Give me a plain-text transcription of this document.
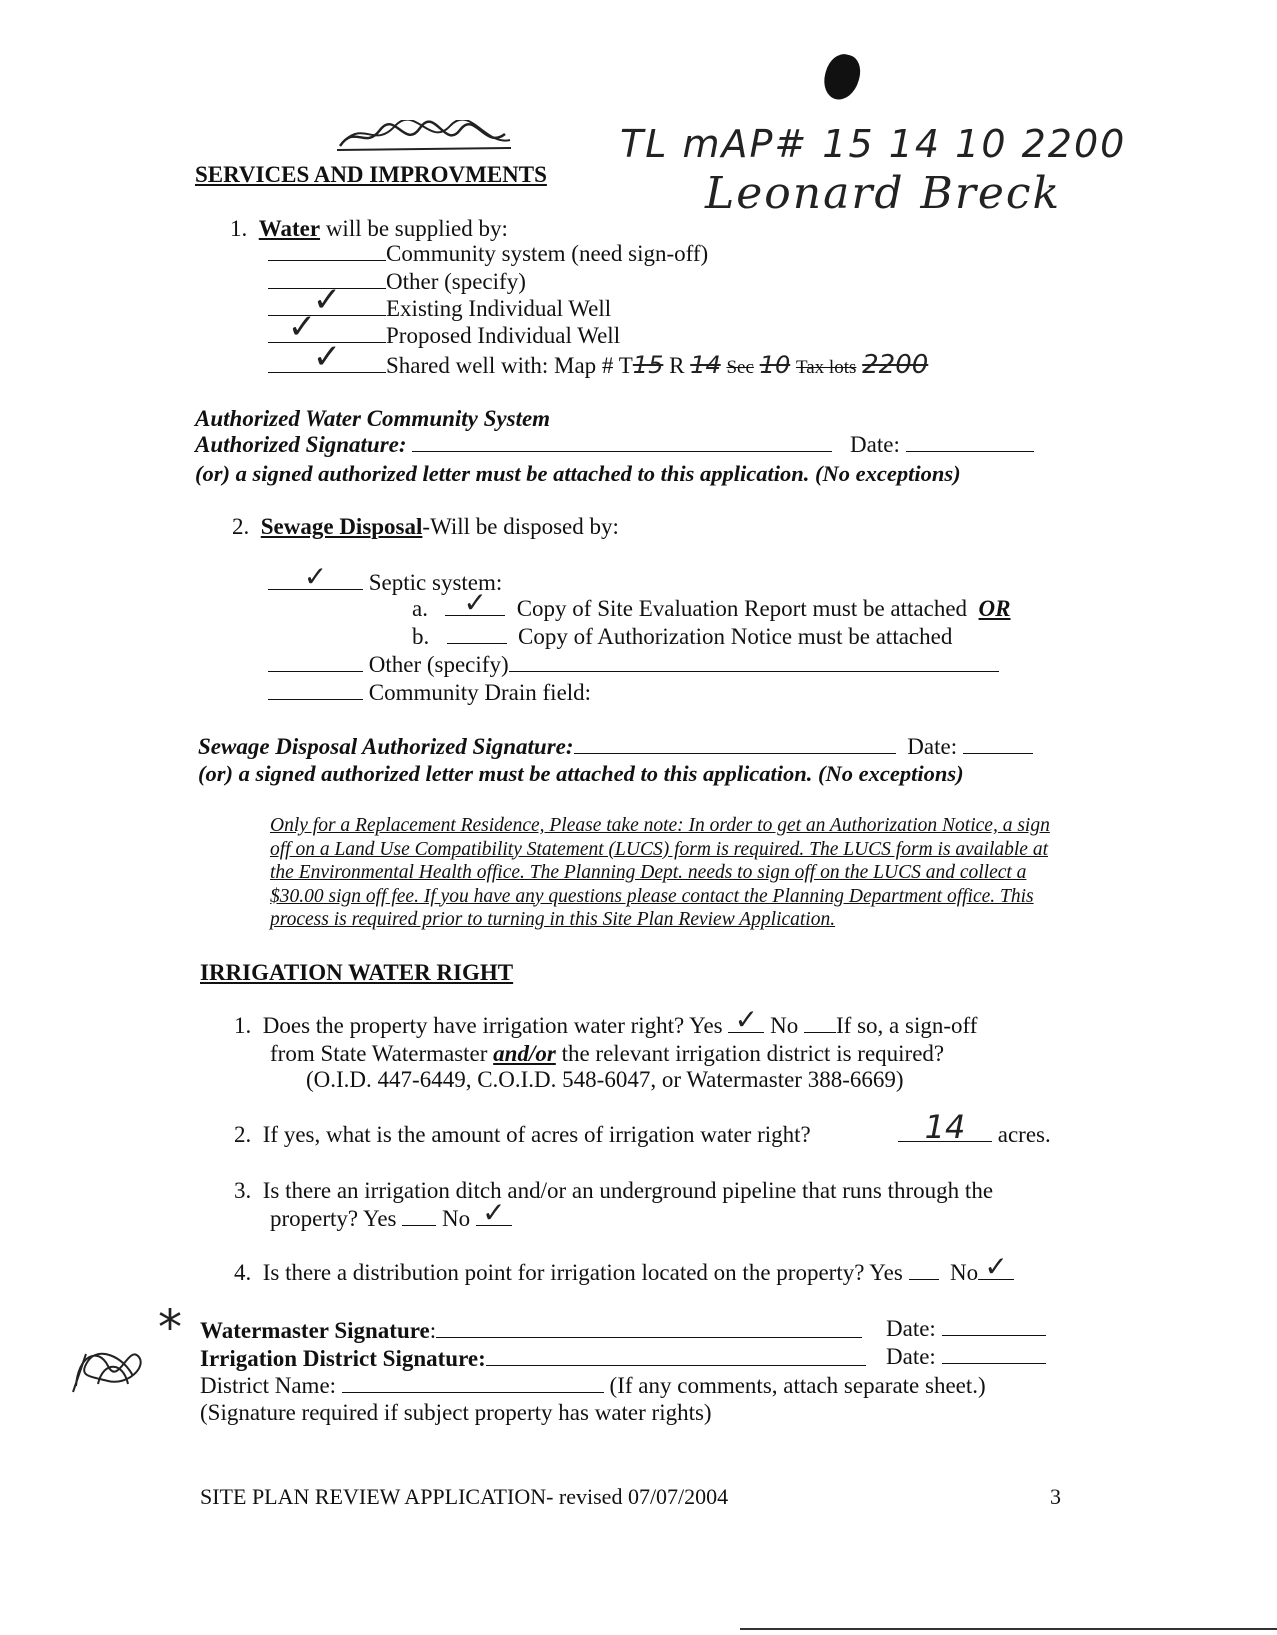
TL mAP# 15 14 10 2200
Leonard Breck
SERVICES AND IMPROVMENTS
1. Water will be supplied by:
Community system (need sign-off)
Other (specify)
✓	Existing Individual Well
✓	Proposed Individual Well
✓	Shared well with: Map # T15 R 14 Sec 10 Tax lots 2200
Authorized Water Community System
Authorized Signature:	Date:
(or) a signed authorized letter must be attached to this application. (No exceptions)
2. Sewage Disposal-Will be disposed by:
✓	Septic system:
a.	✓	Copy of Site Evaluation Report must be attached OR
b.	Copy of Authorization Notice must be attached
Other (specify)
Community Drain field:
Sewage Disposal Authorized Signature:	Date:
(or) a signed authorized letter must be attached to this application. (No exceptions)
Only for a Replacement Residence, Please take note: In order to get an Authorization Notice, a sign off on a Land Use Compatibility Statement (LUCS) form is required. The LUCS form is available at the Environmental Health office. The Planning Dept. needs to sign off on the LUCS and collect a $30.00 sign off fee. If you have any questions please contact the Planning Department office. This process is required prior to turning in this Site Plan Review Application.
IRRIGATION WATER RIGHT
1. Does the property have irrigation water right? Yes ✓ No If so, a sign-off
from State Watermaster and/or the relevant irrigation district is required?
(O.I.D. 447-6449, C.O.I.D. 548-6047, or Watermaster 388-6669)
2. If yes, what is the amount of acres of irrigation water right?	14	acres.
3. Is there an irrigation ditch and/or an underground pipeline that runs through the
property? Yes No ✓
4. Is there a distribution point for irrigation located on the property? Yes No ✓
* Watermaster Signature:	Date:
Irrigation District Signature:	Date:
District Name:	(If any comments, attach separate sheet.)
(Signature required if subject property has water rights)
SITE PLAN REVIEW APPLICATION- revised 07/07/2004	3
